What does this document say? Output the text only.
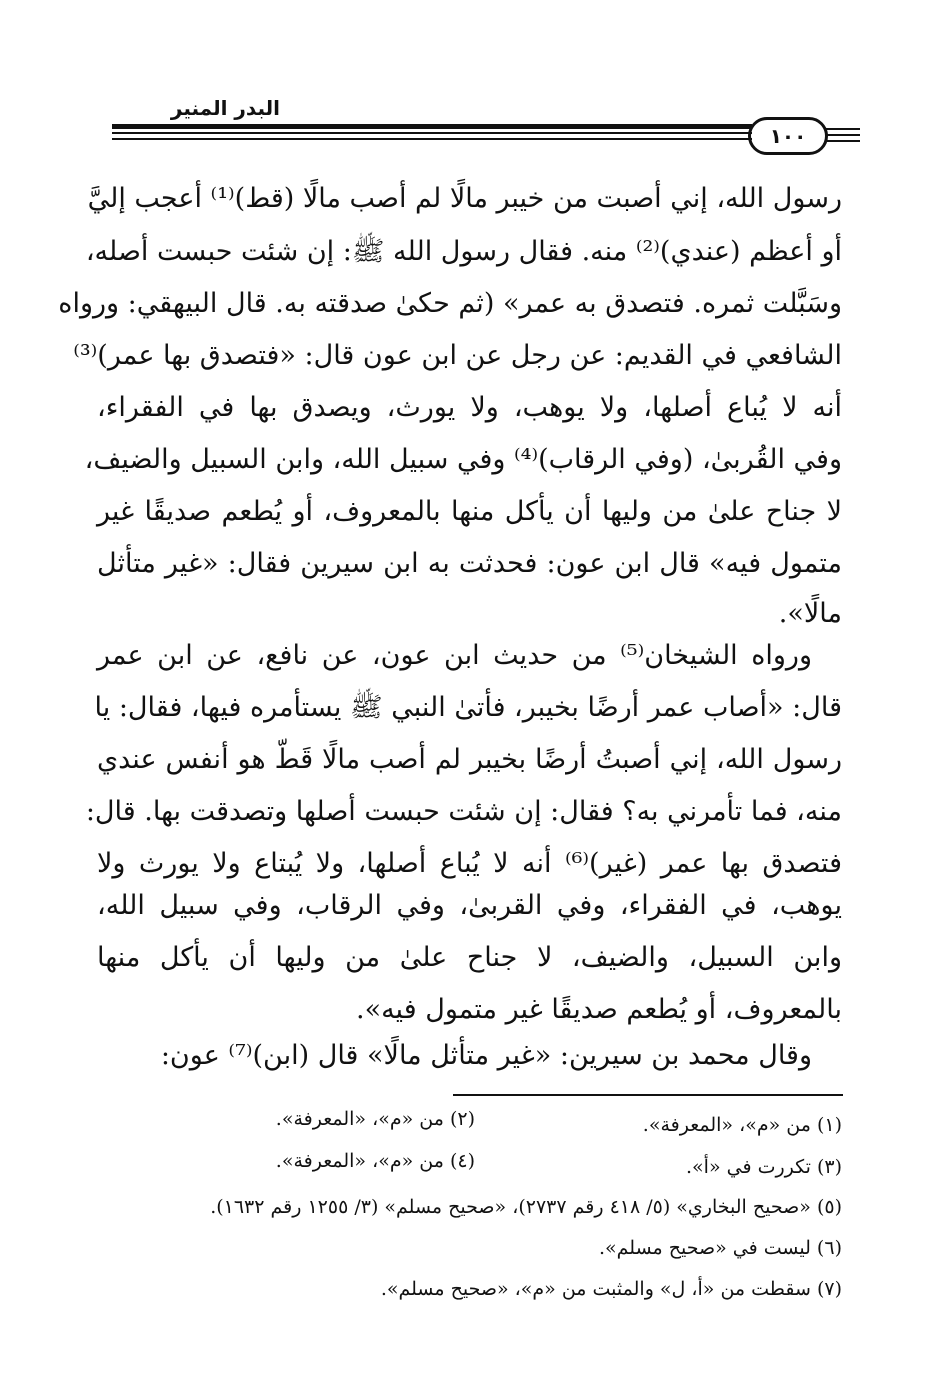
البدر المنير
١٠٠
رسول الله، إني أصبت من خيبر مالًا لم أصب مالًا (قط)⁽¹⁾ أعجب إليَّ
أو أعظم (عندي)⁽²⁾ منه. فقال رسول الله ﷺ: إن شئت حبست أصله،
وسَبَّلت ثمره. فتصدق به عمر» (ثم حكىٰ صدقته به. قال البيهقي: ورواه
الشافعي في القديم: عن رجل عن ابن عون قال: «فتصدق بها عمر)⁽³⁾
أنه لا يُباع أصلها، ولا يوهب، ولا يورث، ويصدق بها في الفقراء،
وفي القُربىٰ، (وفي الرقاب)⁽⁴⁾ وفي سبيل الله، وابن السبيل والضيف،
لا جناح علىٰ من وليها أن يأكل منها بالمعروف، أو يُطعم صديقًا غير
متمول فيه» قال ابن عون: فحدثت به ابن سيرين فقال: «غير متأثل
مالًا».
ورواه الشيخان⁽⁵⁾ من حديث ابن عون، عن نافع، عن ابن عمر
قال: «أصاب عمر أرضًا بخيبر، فأتىٰ النبي ﷺ يستأمره فيها، فقال: يا
رسول الله، إني أصبتُ أرضًا بخيبر لم أصب مالًا قَطّ هو أنفس عندي
منه، فما تأمرني به؟ فقال: إن شئت حبست أصلها وتصدقت بها. قال:
فتصدق بها عمر (غير)⁽⁶⁾ أنه لا يُباع أصلها، ولا يُبتاع ولا يورث ولا
يوهب، في الفقراء، وفي القربىٰ، وفي الرقاب، وفي سبيل الله،
وابن السبيل، والضيف، لا جناح علىٰ من وليها أن يأكل منها
بالمعروف، أو يُطعم صديقًا غير متمول فيه».
وقال محمد بن سيرين: «غير متأثل مالًا» قال (ابن)⁽⁷⁾ عون:
(١) من «م»، «المعرفة».
(٢) من «م»، «المعرفة».
(٣) تكررت في «أ».
(٤) من «م»، «المعرفة».
(٥) «صحيح البخاري» (٥/ ٤١٨ رقم ٢٧٣٧)، «صحيح مسلم» (٣/ ١٢٥٥ رقم ١٦٣٢).
(٦) ليست في «صحيح مسلم».
(٧) سقطت من «أ، ل» والمثبت من «م»، «صحيح مسلم».
